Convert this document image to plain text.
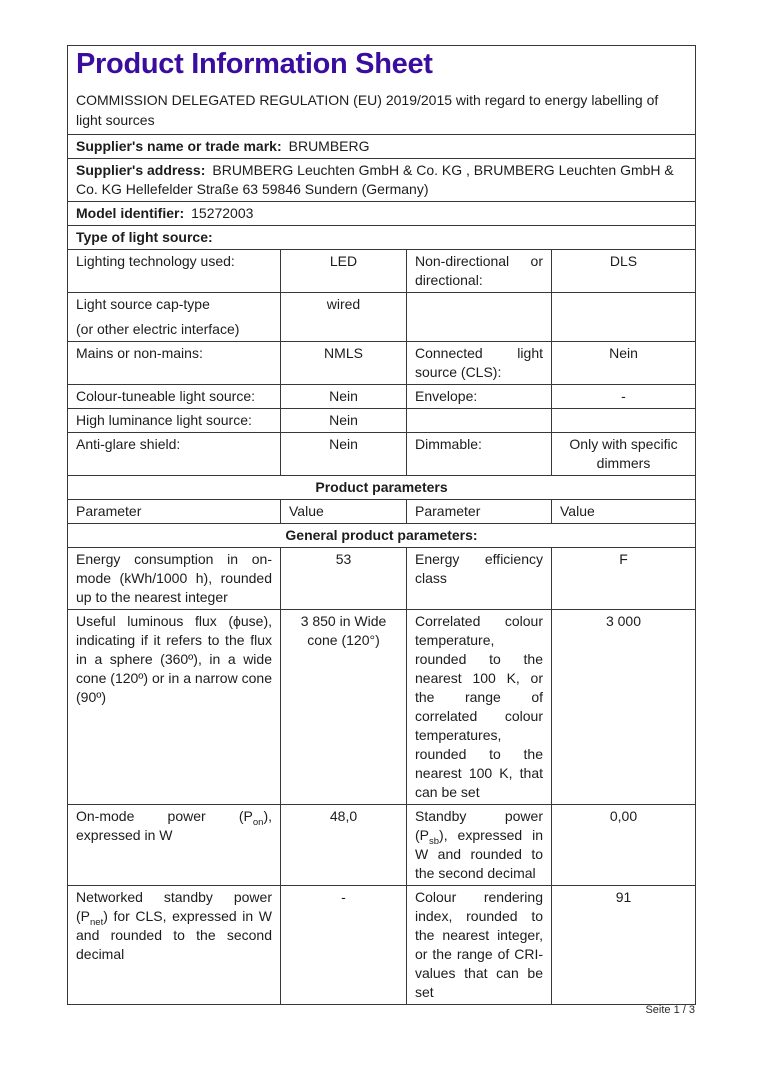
Product Information Sheet

COMMISSION DELEGATED REGULATION (EU) 2019/2015 with regard to energy labelling of light sources

Supplier's name or trade mark: BRUMBERG			
Supplier's address: BRUMBERG Leuchten GmbH & Co. KG , BRUMBERG Leuchten GmbH & Co. KG Hellefelder Straße 63 59846 Sundern (Germany)			
Model identifier: 15272003			
Type of light source:			
Lighting technology used:	LED	Non-directional or directional:	DLS

Light source cap-type
(or other electric interface)	wired		
Mains or non-mains:	NMLS	Connected light source (CLS):	Nein
Colour-tuneable light source:	Nein	Envelope:	-
High luminance light source:	Nein		
Anti-glare shield:	Nein	Dimmable:	Only with specific dimmers
Product parameters			
Parameter	Value	Parameter	Value
General product parameters:			
Energy consumption in on-mode (kWh/1000 h), rounded up to the nearest integer	53	Energy efficiency class	F
Useful luminous flux (ϕuse), indicating if it refers to the flux in a sphere (360º), in a wide cone (120º) or in a narrow cone (90º)	3 850 in Wide cone (120°)	Correlated colour temperature, rounded to the nearest 100 K, or the range of correlated colour temperatures, rounded to the nearest 100 K, that can be set	3 000
On-mode power $(P_{on})$, expressed in W	48,0	Standby power $(P_{sb})$, expressed in W and rounded to the second decimal	0,00
Networked standby power $(P_{net})$ for CLS, expressed in W and rounded to the second decimal	-	Colour rendering index, rounded to the nearest integer, or the range of CRI-values that can be set	91
Seite 1 / 3
